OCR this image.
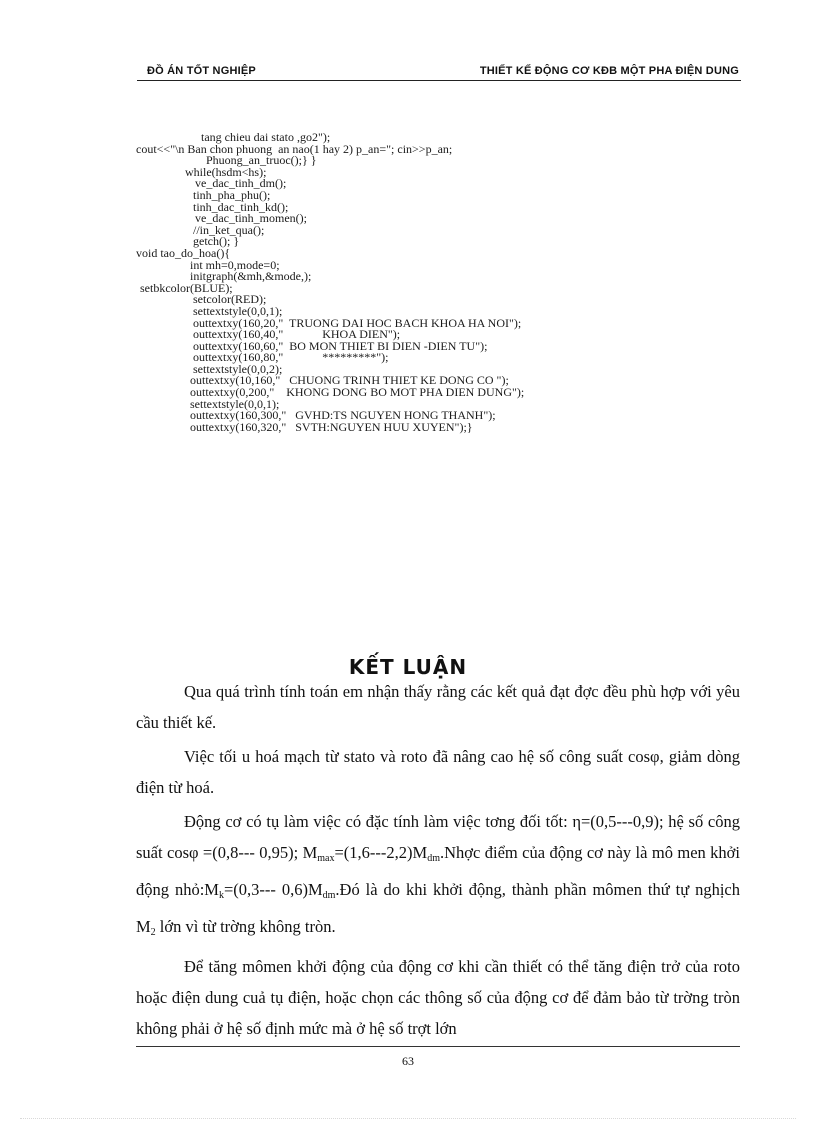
ĐỒ ÁN TỐT NGHIỆP	THIẾT KẾ ĐỘNG CƠ KĐB MỘT PHA ĐIỆN DUNG
tang chieu dai stato ,go2");
cout<<"\n Ban chon phuong  an nao(1 hay 2) p_an="; cin>>p_an;
Phuong_an_truoc();} }
while(hsdm<hs);
ve_dac_tinh_dm();
tinh_pha_phu();
tinh_dac_tinh_kd();
ve_dac_tinh_momen();
//in_ket_qua();
getch(); }
void tao_do_hoa(){
int mh=0,mode=0;
initgraph(&mh,&mode,);
setbkcolor(BLUE);
setcolor(RED);
settextstyle(0,0,1);
outtextxy(160,20,"  TRUONG DAI HOC BACH KHOA HA NOI");
outtextxy(160,40,"             KHOA DIEN");
outtextxy(160,60,"  BO MON THIET BI DIEN -DIEN TU");
outtextxy(160,80,"             *********");
settextstyle(0,0,2);
outtextxy(10,160,"   CHUONG TRINH THIET KE DONG CO ");
outtextxy(0,200,"    KHONG DONG BO MOT PHA DIEN DUNG");
settextstyle(0,0,1);
outtextxy(160,300,"   GVHD:TS NGUYEN HONG THANH");
outtextxy(160,320,"   SVTH:NGUYEN HUU XUYEN");}
KẾT LUẬN

Qua quá trình tính toán em nhận thấy rằng các kết quả đạt đợc đều phù hợp với yêu cầu thiết kế.

Việc tối u hoá mạch từ stato và roto đã nâng cao hệ số công suất cosφ, giảm dòng điện từ hoá.

Động cơ có tụ làm việc có đặc tính làm việc tơng đối tốt: η=(0,5---0,9); hệ số công suất cosφ =(0,8--- 0,95); $M_{max}=(1,6---2,2)M_{dm}.Nhợc$ điểm của động cơ này là mô men khởi động $nhỏ:M_k=(0,3---$ $0,6)M_{dm}.Đó$ là do khi khởi động, thành phần mômen thứ tự nghịch $M_2$ lớn vì từ trờng không tròn.

Để tăng mômen khởi động của động cơ khi cần thiết có thể tăng điện trở của roto hoặc điện dung cuả tụ điện, hoặc chọn các thông số của động cơ để đảm bảo từ trờng tròn không phải ở hệ số định mức mà ở hệ số trợt lớn

63
